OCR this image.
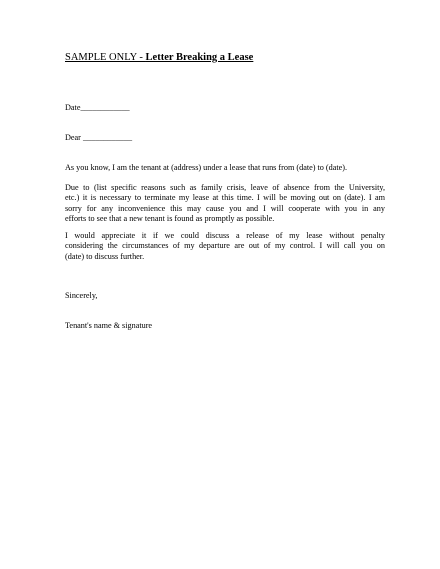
SAMPLE ONLY - Letter Breaking a Lease
Date____________
Dear ____________
As you know, I am the tenant at (address) under a lease that runs from (date) to (date).
Due to (list specific reasons such as family crisis, leave of absence from the University,
etc.) it is necessary to terminate my lease at this time. I will be moving out on (date). I am
sorry for any inconvenience this may cause you and I will cooperate with you in any
efforts to see that a new tenant is found as promptly as possible.
I would appreciate it if we could discuss a release of my lease without penalty
considering the circumstances of my departure are out of my control. I will call you on
(date) to discuss further.
Sincerely,
Tenant's name & signature
